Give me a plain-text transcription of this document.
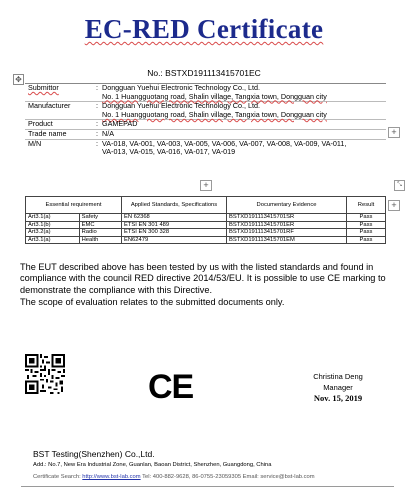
EC-RED Certificate
No.: BSTXD191113415701EC
✥
Submittor	: Dongguan Yuehui Electronic Technology Co., Ltd.
No. 1 Huangguotang road, Shalin village, Tangxia town, Dongguan city
Manufacturer	: Dongguan Yuehui Electronic Technology Co., Ltd.
No. 1 Huangguotang road, Shalin village, Tangxia town, Dongguan city
Product	: GAMEPAD
Trade name	: N/A
M/N	: VA-018, VA-001, VA-003, VA-005, VA-006, VA-007, VA-008, VA-009, VA-011,
VA-013, VA-015, VA-016, VA-017, VA-019
+
+	⤡
+
Essential requirement		Applied Standards, Specifications	Documentary Evidence	Result
Art3.1(a)	Safety	EN 62368	BSTXD191113415701SR	Pass
Art3.1(b)	EMC	ETSI EN 301 489	BSTXD191113415701ER	Pass
Art3.2(a)	Radio	ETSI EN 300 328	BSTXD191113415701RF	Pass
Art3.1(a)	Health	EN62479	BSTXD191113415701EM	Pass

The EUT described above has been tested by us with the listed standards and found in compliance with the council RED directive 2014/53/EU. It is possible to use CE marking to demonstrate the compliance with this Directive.

The scope of evaluation relates to the submitted documents only.

CE	Christina Deng
Manager
Nov. 15, 2019
BST Testing(Shenzhen) Co.,Ltd.
Add.: No.7, New Era Industrial Zone, Guanlan, Baoan District, Shenzhen, Guangdong, China
Certificate Search: http://www.bst-lab.com Tel: 400-882-9628, 86-0755-23059305 Email: service@bst-lab.com
